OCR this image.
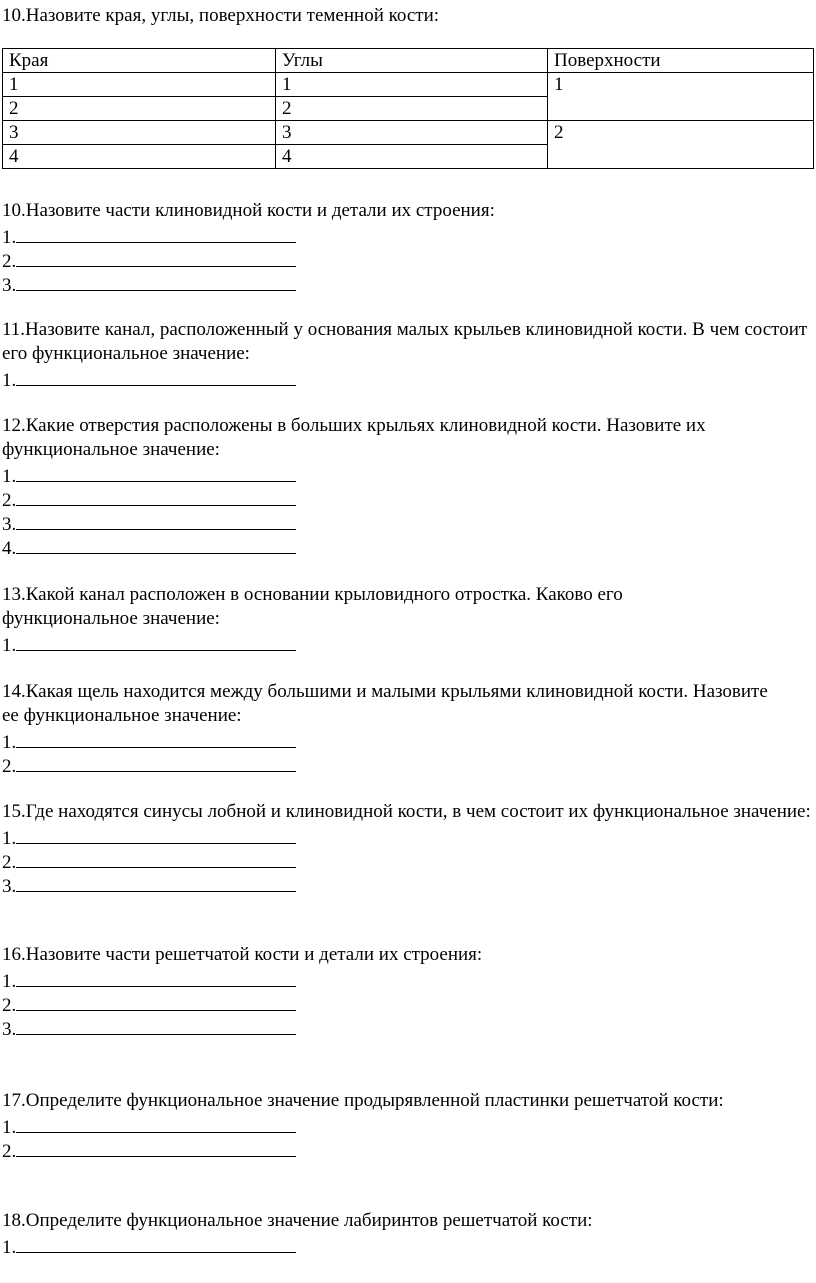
10.Назовите края, углы, поверхности теменной кости:

Края	Углы	Поверхности
1	1	1
2	2	
3	3	2
4	4	
10.Назовите части клиновидной кости и детали их строения:
1.
2.
3.
11.Назовите канал, расположенный у основания малых крыльев клиновидной кости. В чем состоит его функциональное значение:
1.
12.Какие отверстия расположены в больших крыльях клиновидной кости. Назовите их функциональное значение:
1.
2.
3.
4.
13.Какой канал расположен в основании крыловидного отростка. Каково его функциональное значение:
1.
14.Какая щель находится между большими и малыми крыльями клиновидной кости. Назовите ее функциональное значение:
1.
2.
15.Где находятся синусы лобной и клиновидной кости, в чем состоит их функциональное значение:
1.
2.
3.
16.Назовите части решетчатой кости и детали их строения:
1.
2.
3.
17.Определите функциональное значение продырявленной пластинки решетчатой кости:
1.
2.
18.Определите функциональное значение лабиринтов решетчатой кости:
1.
